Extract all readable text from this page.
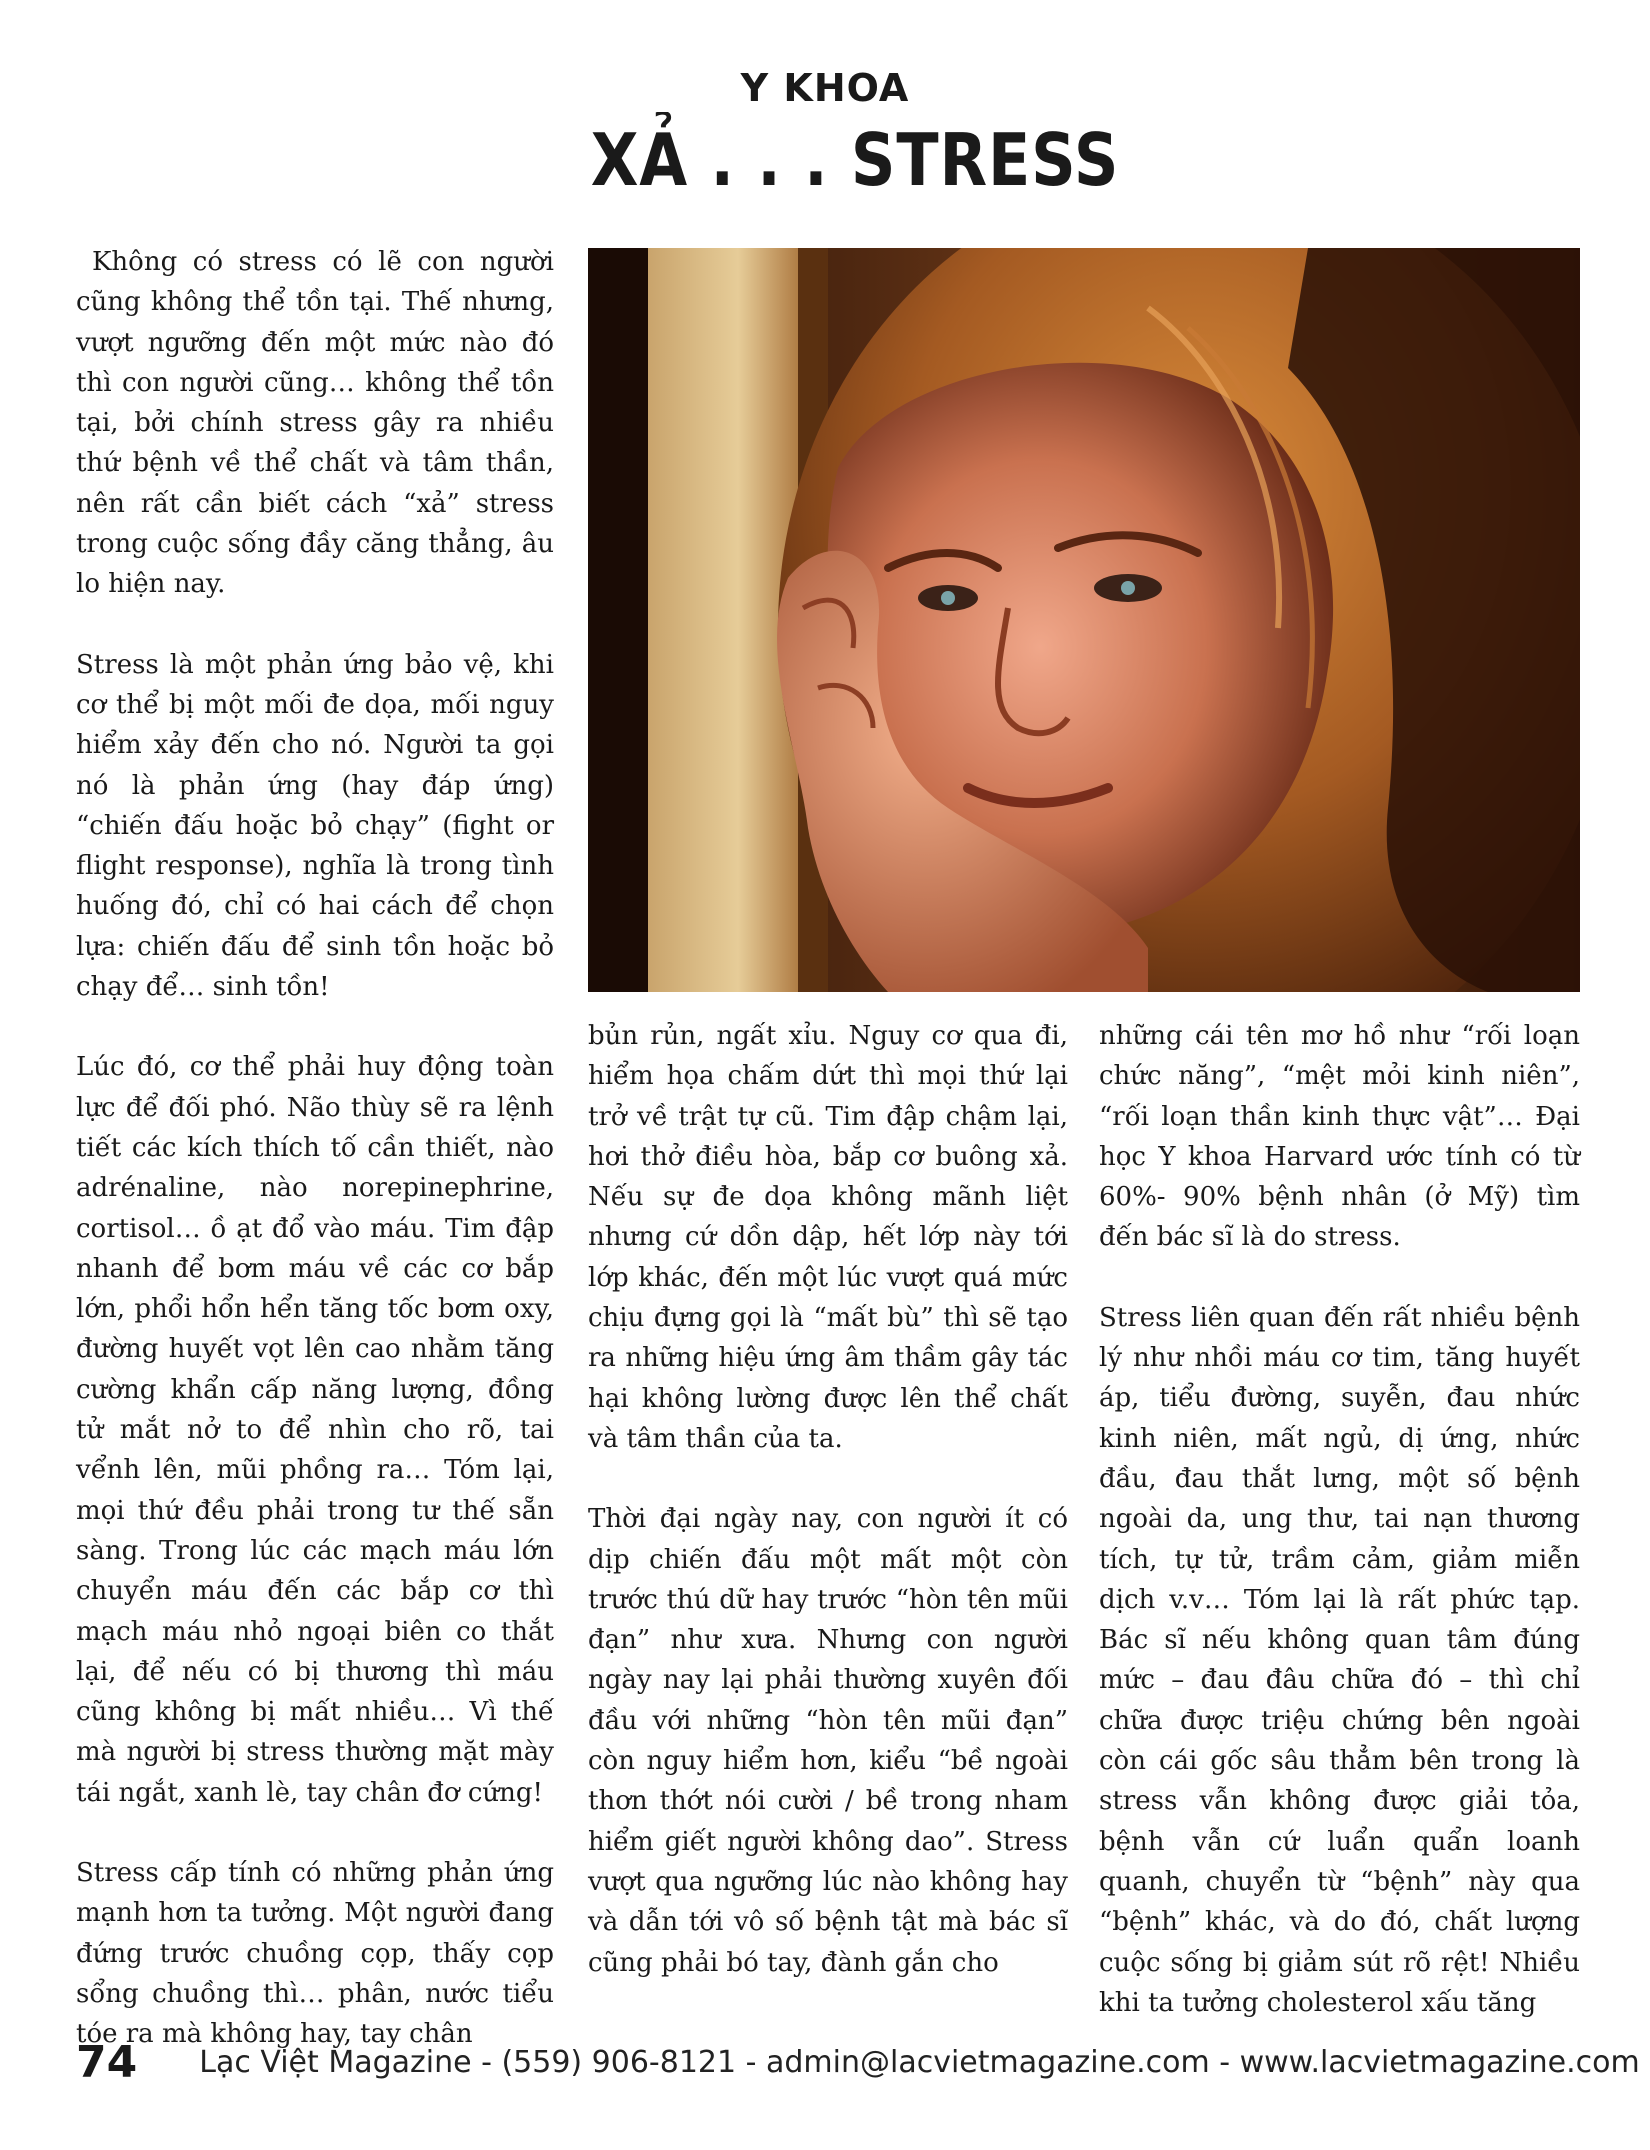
Y KHOA
XẢ . . . STRESS

Không có stress có lẽ con người cũng không thể tồn tại. Thế nhưng, vượt ngưỡng đến một mức nào đó thì con người cũng… không thể tồn tại, bởi chính stress gây ra nhiều thứ bệnh về thể chất và tâm thần, nên rất cần biết cách “xả” stress trong cuộc sống đầy căng thẳng, âu lo hiện nay.

Stress là một phản ứng bảo vệ, khi cơ thể bị một mối đe dọa, mối nguy hiểm xảy đến cho nó. Người ta gọi nó là phản ứng (hay đáp ứng) “chiến đấu hoặc bỏ chạy” (fight or flight response), nghĩa là trong tình huống đó, chỉ có hai cách để chọn lựa: chiến đấu để sinh tồn hoặc bỏ chạy để… sinh tồn!

Lúc đó, cơ thể phải huy động toàn lực để đối phó. Não thùy sẽ ra lệnh tiết các kích thích tố cần thiết, nào adrénaline, nào norepinephrine, cortisol… ồ ạt đổ vào máu. Tim đập nhanh để bơm máu về các cơ bắp lớn, phổi hổn hển tăng tốc bơm oxy, đường huyết vọt lên cao nhằm tăng cường khẩn cấp năng lượng, đồng tử mắt nở to để nhìn cho rõ, tai vểnh lên, mũi phồng ra… Tóm lại, mọi thứ đều phải trong tư thế sẵn sàng. Trong lúc các mạch máu lớn chuyển máu đến các bắp cơ thì mạch máu nhỏ ngoại biên co thắt lại, để nếu có bị thương thì máu cũng không bị mất nhiều… Vì thế mà người bị stress thường mặt mày tái ngắt, xanh lè, tay chân đơ cứng!

Stress cấp tính có những phản ứng mạnh hơn ta tưởng. Một người đang đứng trước chuồng cọp, thấy cọp sổng chuồng thì… phân, nước tiểu tóe ra mà không hay, tay chân

bủn rủn, ngất xỉu. Nguy cơ qua đi, hiểm họa chấm dứt thì mọi thứ lại trở về trật tự cũ. Tim đập chậm lại, hơi thở điều hòa, bắp cơ buông xả. Nếu sự đe dọa không mãnh liệt nhưng cứ dồn dập, hết lớp này tới lớp khác, đến một lúc vượt quá mức chịu đựng gọi là “mất bù” thì sẽ tạo ra những hiệu ứng âm thầm gây tác hại không lường được lên thể chất và tâm thần của ta.

Thời đại ngày nay, con người ít có dịp chiến đấu một mất một còn trước thú dữ hay trước “hòn tên mũi đạn” như xưa. Nhưng con người ngày nay lại phải thường xuyên đối đầu với những “hòn tên mũi đạn” còn nguy hiểm hơn, kiểu “bề ngoài thơn thớt nói cười / bề trong nham hiểm giết người không dao”. Stress vượt qua ngưỡng lúc nào không hay và dẫn tới vô số bệnh tật mà bác sĩ cũng phải bó tay, đành gắn cho

những cái tên mơ hồ như “rối loạn chức năng”, “mệt mỏi kinh niên”, “rối loạn thần kinh thực vật”… Đại học Y khoa Harvard ước tính có từ 60%- 90% bệnh nhân (ở Mỹ) tìm đến bác sĩ là do stress.

Stress liên quan đến rất nhiều bệnh lý như nhồi máu cơ tim, tăng huyết áp, tiểu đường, suyễn, đau nhức kinh niên, mất ngủ, dị ứng, nhức đầu, đau thắt lưng, một số bệnh ngoài da, ung thư, tai nạn thương tích, tự tử, trầm cảm, giảm miễn dịch v.v… Tóm lại là rất phức tạp. Bác sĩ nếu không quan tâm đúng mức – đau đâu chữa đó – thì chỉ chữa được triệu chứng bên ngoài còn cái gốc sâu thẳm bên trong là stress vẫn không được giải tỏa, bệnh vẫn cứ luẩn quẩn loanh quanh, chuyển từ “bệnh” này qua “bệnh” khác, và do đó, chất lượng cuộc sống bị giảm sút rõ rệt! Nhiều khi ta tưởng cholesterol xấu tăng

74 Lạc Việt Magazine - (559) 906-8121 - admin@lacvietmagazine.com - www.lacvietmagazine.com
